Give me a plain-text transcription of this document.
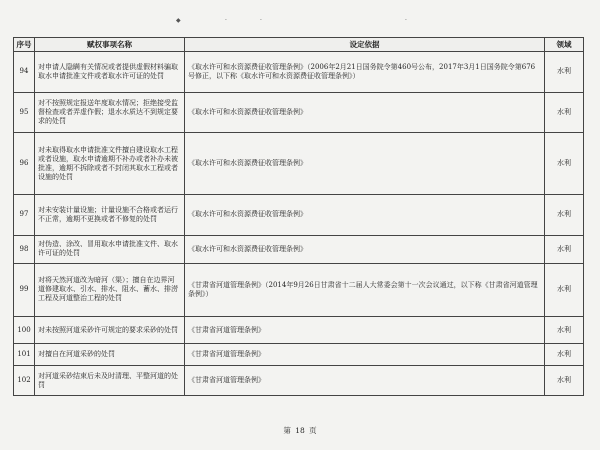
◆	·	·	·
序号	赋权事项名称	设定依据	领域
94	对申请人隐瞒有关情况或者提供虚假材料骗取取水申请批准文件或者取水许可证的处罚	《取水许可和水资源费征收管理条例》（2006年2月21日国务院令第460号公布，2017年3月1日国务院令第676号修正，以下称《取水许可和水资源费征收管理条例》）	水利
95	对不按照规定报送年度取水情况；拒绝接受监督检查或者弄虚作假；退水水质达不到规定要求的处罚	《取水许可和水资源费征收管理条例》	水利
96	对未取得取水申请批准文件擅自建设取水工程或者设施，取水申请逾期不补办或者补办未被批准，逾期不拆除或者不封闭其取水工程或者设施的处罚	《取水许可和水资源费征收管理条例》	水利
97	对未安装计量设施；计量设施不合格或者运行不正常，逾期不更换或者不修复的处罚	《取水许可和水资源费征收管理条例》	水利
98	对伪造、涂改、冒用取水申请批准文件、取水许可证的处罚	《取水许可和水资源费征收管理条例》	水利
99	对将天然河道改为暗河（渠）；擅自在边界河道修建取水、引水、排水、阻水、蓄水、排涝工程及河道整治工程的处罚	《甘肃省河道管理条例》（2014年9月26日甘肃省十二届人大常委会第十一次会议通过，以下称《甘肃省河道管理条例》）	水利
100	对未按照河道采砂许可规定的要求采砂的处罚	《甘肃省河道管理条例》	水利
101	对擅自在河道采砂的处罚	《甘肃省河道管理条例》	水利
102	对河道采砂结束后未及时清理、平整河道的处罚	《甘肃省河道管理条例》	水利
第 18 页
